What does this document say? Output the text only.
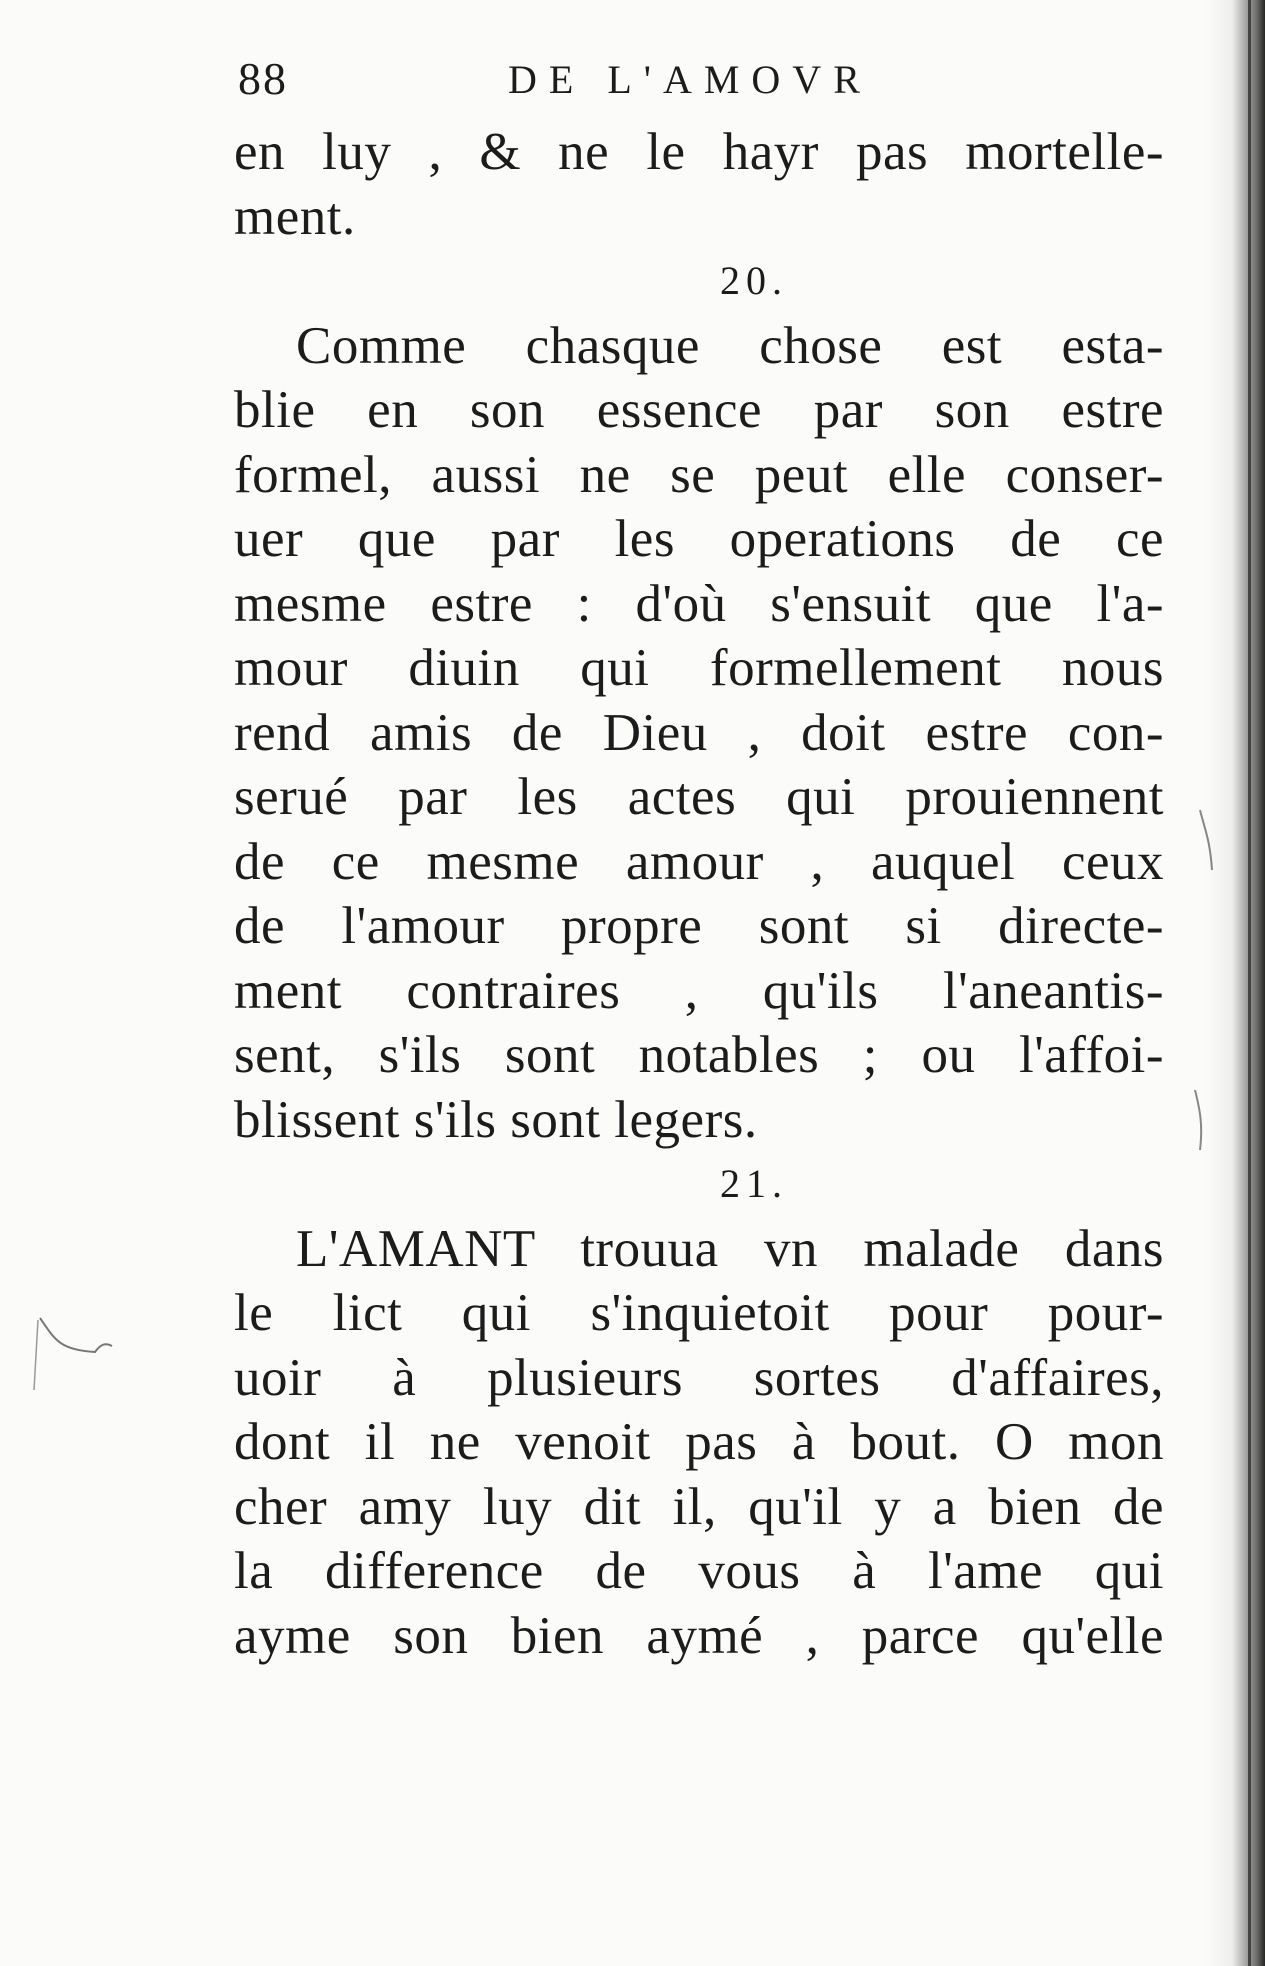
88	DE L'AMOVR
en luy , & ne le hayr pas mortelle-
ment.
20.
Comme chasque chose est esta-
blie en son essence par son estre
formel, aussi ne se peut elle conser-
uer que par les operations de ce
mesme estre : d'où s'ensuit que l'a-
mour diuin qui formellement nous
rend amis de Dieu , doit estre con-
serué par les actes qui prouiennent
de ce mesme amour , auquel ceux
de l'amour propre sont si directe-
ment contraires , qu'ils l'aneantis-
sent, s'ils sont notables ; ou l'affoi-
blissent s'ils sont legers.
21.
L'AMANT trouua vn malade dans
le lict qui s'inquietoit pour pour-
uoir à plusieurs sortes d'affaires,
dont il ne venoit pas à bout. O mon
cher amy luy dit il, qu'il y a bien de
la difference de vous à l'ame qui
ayme son bien aymé , parce qu'elle
